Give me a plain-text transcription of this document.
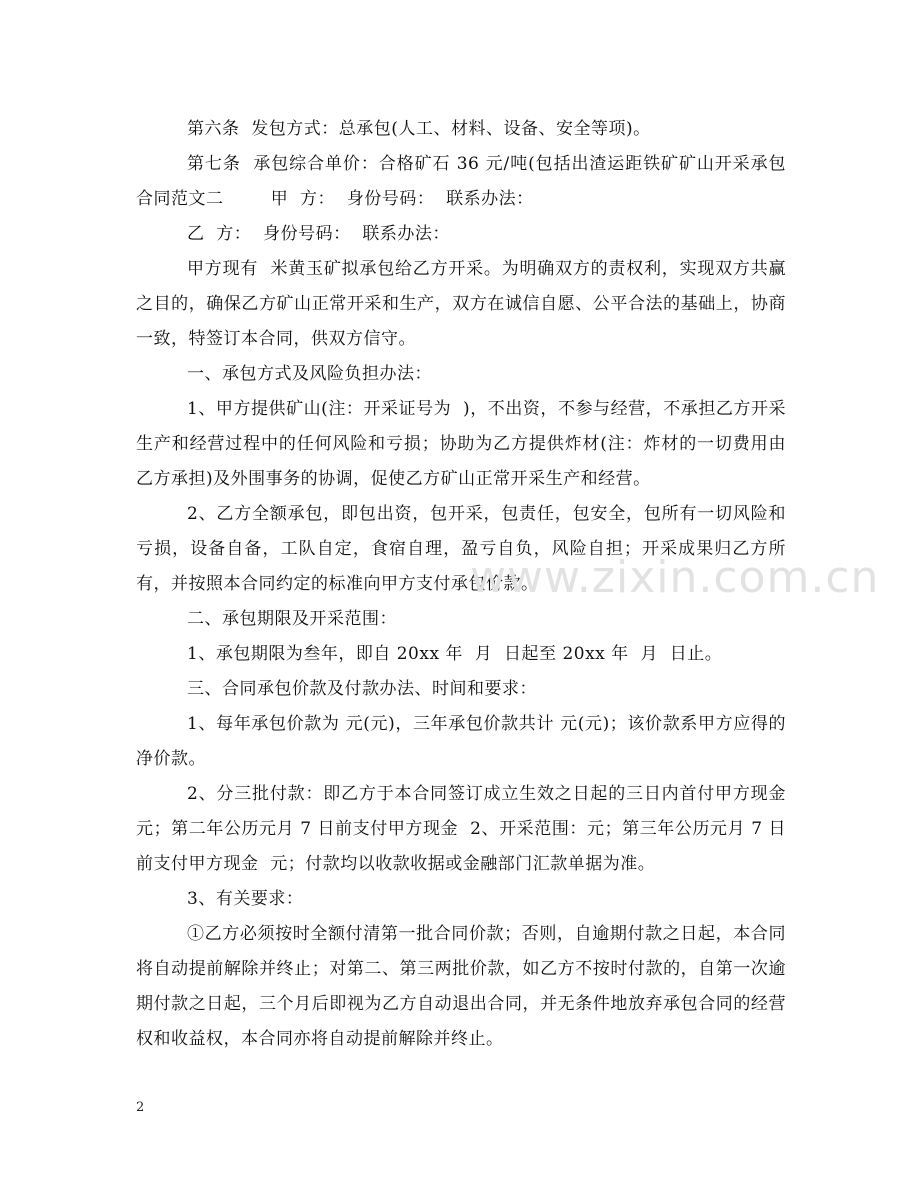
第六条  发包方式：总承包(人工、材料、设备、安全等项)。

第七条  承包综合单价：合格矿石 36 元/吨(包括出渣运距铁矿矿山开采承包合同范文二        甲  方：  身份号码：  联系办法：

乙  方：  身份号码：  联系办法：

甲方现有  米黄玉矿拟承包给乙方开采。为明确双方的责权利，实现双方共赢之目的，确保乙方矿山正常开采和生产，双方在诚信自愿、公平合法的基础上，协商一致，特签订本合同，供双方信守。

一、承包方式及风险负担办法：

1、甲方提供矿山(注：开采证号为  )，不出资，不参与经营，不承担乙方开采生产和经营过程中的任何风险和亏损；协助为乙方提供炸材(注：炸材的一切费用由乙方承担)及外围事务的协调，促使乙方矿山正常开采生产和经营。

2、乙方全额承包，即包出资，包开采，包责任，包安全，包所有一切风险和亏损，设备自备，工队自定，食宿自理，盈亏自负，风险自担；开采成果归乙方所有，并按照本合同约定的标准向甲方支付承包价款。

二、承包期限及开采范围：

1、承包期限为叁年，即自 20xx 年  月  日起至 20xx 年  月  日止。

三、合同承包价款及付款办法、时间和要求：

1、每年承包价款为 元(元)，三年承包价款共计 元(元)；该价款系甲方应得的净价款。

2、分三批付款：即乙方于本合同签订成立生效之日起的三日内首付甲方现金 元；第二年公历元月 7 日前支付甲方现金  2、开采范围：元；第三年公历元月 7 日前支付甲方现金  元；付款均以收款收据或金融部门汇款单据为准。

3、有关要求：

①乙方必须按时全额付清第一批合同价款；否则，自逾期付款之日起，本合同将自动提前解除并终止；对第二、第三两批价款，如乙方不按时付款的，自第一次逾期付款之日起，三个月后即视为乙方自动退出合同，并无条件地放弃承包合同的经营权和收益权，本合同亦将自动提前解除并终止。

www.zixin.com.cn
2
